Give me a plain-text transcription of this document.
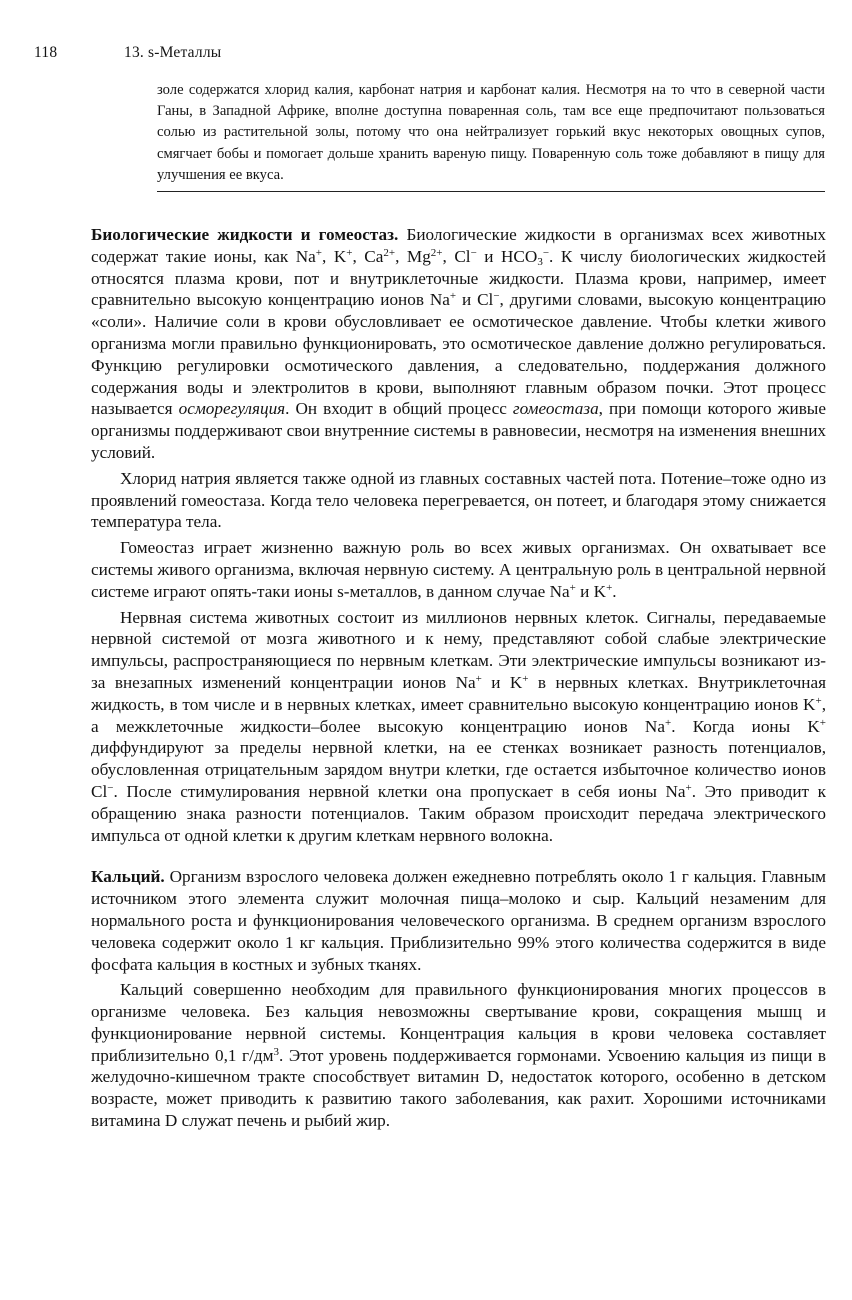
118	13. s-Металлы
золе содержатся хлорид калия, карбонат натрия и карбонат калия. Несмотря на то что в северной части Ганы, в Западной Африке, вполне доступна поваренная соль, там все еще предпочитают пользоваться солью из растительной золы, потому что она нейтрализует горький вкус некоторых овощных супов, смягчает бобы и помогает дольше хранить вареную пищу. Поваренную соль тоже добавляют в пищу для улучшения ее вкуса.

Биологические жидкости и гомеостаз. Биологические жидкости в организмах всех животных содержат такие ионы, как Na+, K+, $Ca^{2+}$, $Mg^{2+}$, Cl− и $HCO_3^-$. К числу биологических жидкостей относятся плазма крови, пот и внутриклеточные жидкости. Плазма крови, например, имеет сравнительно высокую концентрацию ионов Na+ и Cl−, другими словами, высокую концентрацию «соли». Наличие соли в крови обусловливает ее осмотическое давление. Чтобы клетки живого организма могли правильно функционировать, это осмотическое давление должно регулироваться. Функцию регулировки осмотического давления, а следовательно, поддержания должного содержания воды и электролитов в крови, выполняют главным образом почки. Этот процесс называется осморегуляция. Он входит в общий процесс гомеостаза, при помощи которого живые организмы поддерживают свои внутренние системы в равновесии, несмотря на изменения внешних условий.

Хлорид натрия является также одной из главных составных частей пота. Потение–тоже одно из проявлений гомеостаза. Когда тело человека перегревается, он потеет, и благодаря этому снижается температура тела.

Гомеостаз играет жизненно важную роль во всех живых организмах. Он охватывает все системы живого организма, включая нервную систему. А центральную роль в центральной нервной системе играют опять-таки ионы s-металлов, в данном случае Na+ и K+.

Нервная система животных состоит из миллионов нервных клеток. Сигналы, передаваемые нервной системой от мозга животного и к нему, представляют собой слабые электрические импульсы, распространяющиеся по нервным клеткам. Эти электрические импульсы возникают из-за внезапных изменений концентрации ионов Na+ и K+ в нервных клетках. Внутриклеточная жидкость, в том числе и в нервных клетках, имеет сравнительно высокую концентрацию ионов K+, а межклеточные жидкости–более высокую концентрацию ионов Na+. Когда ионы K+ диффундируют за пределы нервной клетки, на ее стенках возникает разность потенциалов, обусловленная отрицательным зарядом внутри клетки, где остается избыточное количество ионов Cl−. После стимулирования нервной клетки она пропускает в себя ионы Na+. Это приводит к обращению знака разности потенциалов. Таким образом происходит передача электрического импульса от одной клетки к другим клеткам нервного волокна.

Кальций. Организм взрослого человека должен ежедневно потреблять около 1 г кальция. Главным источником этого элемента служит молочная пища–молоко и сыр. Кальций незаменим для нормального роста и функционирования человеческого организма. В среднем организм взрослого человека содержит около 1 кг кальция. Приблизительно 99% этого количества содержится в виде фосфата кальция в костных и зубных тканях.

Кальций совершенно необходим для правильного функционирования многих процессов в организме человека. Без кальция невозможны свертывание крови, сокращения мышц и функционирование нервной системы. Концентрация кальция в крови человека составляет приблизительно 0,1 $г/дм^3$. Этот уровень поддерживается гормонами. Усвоению кальция из пищи в желудочно-кишечном тракте способствует витамин D, недостаток которого, особенно в детском возрасте, может приводить к развитию такого заболевания, как рахит. Хорошими источниками витамина D служат печень и рыбий жир.
